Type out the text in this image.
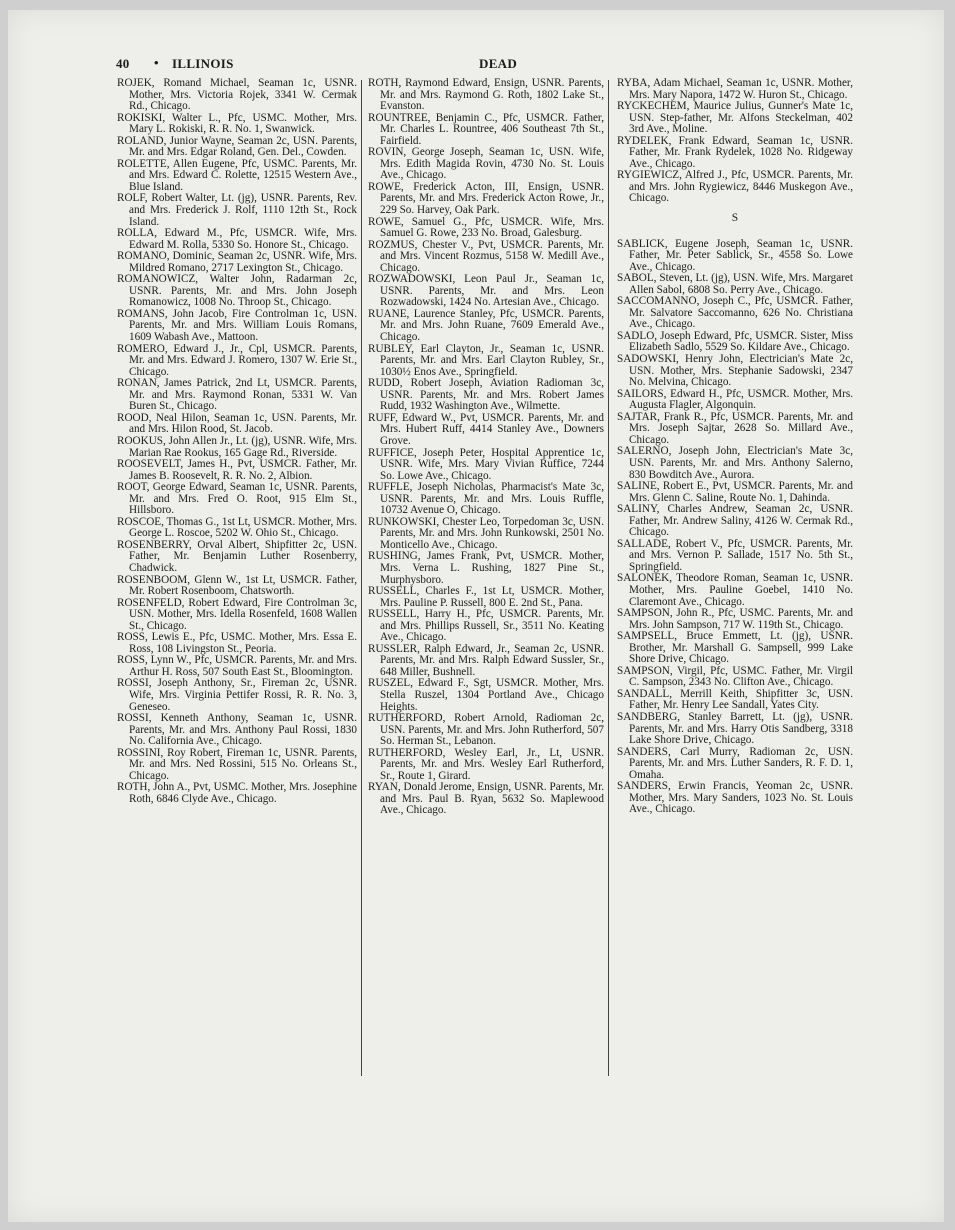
40 • ILLINOIS	DEAD

ROJEK, Romand Michael, Seaman 1c, USNR. Mother, Mrs. Victoria Rojek, 3341 W. Cermak Rd., Chicago.

ROKISKI, Walter L., Pfc, USMC. Mother, Mrs. Mary L. Rokiski, R. R. No. 1, Swanwick.

ROLAND, Junior Wayne, Seaman 2c, USN. Parents, Mr. and Mrs. Edgar Roland, Gen. Del., Cowden.

ROLETTE, Allen Eugene, Pfc, USMC. Parents, Mr. and Mrs. Edward C. Rolette, 12515 Western Ave., Blue Island.

ROLF, Robert Walter, Lt. (jg), USNR. Parents, Rev. and Mrs. Frederick J. Rolf, 1110 12th St., Rock Island.

ROLLA, Edward M., Pfc, USMCR. Wife, Mrs. Edward M. Rolla, 5330 So. Honore St., Chicago.

ROMANO, Dominic, Seaman 2c, USNR. Wife, Mrs. Mildred Romano, 2717 Lexington St., Chicago.

ROMANOWICZ, Walter John, Radarman 2c, USNR. Parents, Mr. and Mrs. John Joseph Romanowicz, 1008 No. Throop St., Chicago.

ROMANS, John Jacob, Fire Controlman 1c, USN. Parents, Mr. and Mrs. William Louis Romans, 1609 Wabash Ave., Mattoon.

ROMERO, Edward J., Jr., Cpl, USMCR. Parents, Mr. and Mrs. Edward J. Romero, 1307 W. Erie St., Chicago.

RONAN, James Patrick, 2nd Lt, USMCR. Parents, Mr. and Mrs. Raymond Ronan, 5331 W. Van Buren St., Chicago.

ROOD, Neal Hilon, Seaman 1c, USN. Parents, Mr. and Mrs. Hilon Rood, St. Jacob.

ROOKUS, John Allen Jr., Lt. (jg), USNR. Wife, Mrs. Marian Rae Rookus, 165 Gage Rd., Riverside.

ROOSEVELT, James H., Pvt, USMCR. Father, Mr. James B. Roosevelt, R. R. No. 2, Albion.

ROOT, George Edward, Seaman 1c, USNR. Parents, Mr. and Mrs. Fred O. Root, 915 Elm St., Hillsboro.

ROSCOE, Thomas G., 1st Lt, USMCR. Mother, Mrs. George L. Roscoe, 5202 W. Ohio St., Chicago.

ROSENBERRY, Orval Albert, Shipfitter 2c, USN. Father, Mr. Benjamin Luther Rosenberry, Chadwick.

ROSENBOOM, Glenn W., 1st Lt, USMCR. Father, Mr. Robert Rosenboom, Chatsworth.

ROSENFELD, Robert Edward, Fire Controlman 3c, USN. Mother, Mrs. Idella Rosenfeld, 1608 Wallen St., Chicago.

ROSS, Lewis E., Pfc, USMC. Mother, Mrs. Essa E. Ross, 108 Livingston St., Peoria.

ROSS, Lynn W., Pfc, USMCR. Parents, Mr. and Mrs. Arthur H. Ross, 507 South East St., Bloomington.

ROSSI, Joseph Anthony, Sr., Fireman 2c, USNR. Wife, Mrs. Virginia Pettifer Rossi, R. R. No. 3, Geneseo.

ROSSI, Kenneth Anthony, Seaman 1c, USNR. Parents, Mr. and Mrs. Anthony Paul Rossi, 1830 No. California Ave., Chicago.

ROSSINI, Roy Robert, Fireman 1c, USNR. Parents, Mr. and Mrs. Ned Rossini, 515 No. Orleans St., Chicago.

ROTH, John A., Pvt, USMC. Mother, Mrs. Josephine Roth, 6846 Clyde Ave., Chicago.

ROTH, Raymond Edward, Ensign, USNR. Parents, Mr. and Mrs. Raymond G. Roth, 1802 Lake St., Evanston.

ROUNTREE, Benjamin C., Pfc, USMCR. Father, Mr. Charles L. Rountree, 406 Southeast 7th St., Fairfield.

ROVIN, George Joseph, Seaman 1c, USN. Wife, Mrs. Edith Magida Rovin, 4730 No. St. Louis Ave., Chicago.

ROWE, Frederick Acton, III, Ensign, USNR. Parents, Mr. and Mrs. Frederick Acton Rowe, Jr., 229 So. Harvey, Oak Park.

ROWE, Samuel G., Pfc, USMCR. Wife, Mrs. Samuel G. Rowe, 233 No. Broad, Galesburg.

ROZMUS, Chester V., Pvt, USMCR. Parents, Mr. and Mrs. Vincent Rozmus, 5158 W. Medill Ave., Chicago.

ROZWADOWSKI, Leon Paul Jr., Seaman 1c, USNR. Parents, Mr. and Mrs. Leon Rozwadowski, 1424 No. Artesian Ave., Chicago.

RUANE, Laurence Stanley, Pfc, USMCR. Parents, Mr. and Mrs. John Ruane, 7609 Emerald Ave., Chicago.

RUBLEY, Earl Clayton, Jr., Seaman 1c, USNR. Parents, Mr. and Mrs. Earl Clayton Rubley, Sr., 1030½ Enos Ave., Springfield.

RUDD, Robert Joseph, Aviation Radioman 3c, USNR. Parents, Mr. and Mrs. Robert James Rudd, 1932 Washington Ave., Wilmette.

RUFF, Edward W., Pvt, USMCR. Parents, Mr. and Mrs. Hubert Ruff, 4414 Stanley Ave., Downers Grove.

RUFFICE, Joseph Peter, Hospital Apprentice 1c, USNR. Wife, Mrs. Mary Vivian Ruffice, 7244 So. Lowe Ave., Chicago.

RUFFLE, Joseph Nicholas, Pharmacist's Mate 3c, USNR. Parents, Mr. and Mrs. Louis Ruffle, 10732 Avenue O, Chicago.

RUNKOWSKI, Chester Leo, Torpedoman 3c, USN. Parents, Mr. and Mrs. John Runkowski, 2501 No. Monticello Ave., Chicago.

RUSHING, James Frank, Pvt, USMCR. Mother, Mrs. Verna L. Rushing, 1827 Pine St., Murphysboro.

RUSSELL, Charles F., 1st Lt, USMCR. Mother, Mrs. Pauline P. Russell, 800 E. 2nd St., Pana.

RUSSELL, Harry H., Pfc, USMCR. Parents, Mr. and Mrs. Phillips Russell, Sr., 3511 No. Keating Ave., Chicago.

RUSSLER, Ralph Edward, Jr., Seaman 2c, USNR. Parents, Mr. and Mrs. Ralph Edward Sussler, Sr., 648 Miller, Bushnell.

RUSZEL, Edward F., Sgt, USMCR. Mother, Mrs. Stella Ruszel, 1304 Portland Ave., Chicago Heights.

RUTHERFORD, Robert Arnold, Radioman 2c, USN. Parents, Mr. and Mrs. John Rutherford, 507 So. Herman St., Lebanon.

RUTHERFORD, Wesley Earl, Jr., Lt, USNR. Parents, Mr. and Mrs. Wesley Earl Rutherford, Sr., Route 1, Girard.

RYAN, Donald Jerome, Ensign, USNR. Parents, Mr. and Mrs. Paul B. Ryan, 5632 So. Maplewood Ave., Chicago.

RYBA, Adam Michael, Seaman 1c, USNR. Mother, Mrs. Mary Napora, 1472 W. Huron St., Chicago.

RYCKECHEM, Maurice Julius, Gunner's Mate 1c, USN. Step-father, Mr. Alfons Steckelman, 402 3rd Ave., Moline.

RYDELEK, Frank Edward, Seaman 1c, USNR. Father, Mr. Frank Rydelek, 1028 No. Ridgeway Ave., Chicago.

RYGIEWICZ, Alfred J., Pfc, USMCR. Parents, Mr. and Mrs. John Rygiewicz, 8446 Muskegon Ave., Chicago.

S

SABLICK, Eugene Joseph, Seaman 1c, USNR. Father, Mr. Peter Sablick, Sr., 4558 So. Lowe Ave., Chicago.

SABOL, Steven, Lt. (jg), USN. Wife, Mrs. Margaret Allen Sabol, 6808 So. Perry Ave., Chicago.

SACCOMANNO, Joseph C., Pfc, USMCR. Father, Mr. Salvatore Saccomanno, 626 No. Christiana Ave., Chicago.

SADLO, Joseph Edward, Pfc, USMCR. Sister, Miss Elizabeth Sadlo, 5529 So. Kildare Ave., Chicago.

SADOWSKI, Henry John, Electrician's Mate 2c, USN. Mother, Mrs. Stephanie Sadowski, 2347 No. Melvina, Chicago.

SAILORS, Edward H., Pfc, USMCR. Mother, Mrs. Augusta Flagler, Algonquin.

SAJTAR, Frank R., Pfc, USMCR. Parents, Mr. and Mrs. Joseph Sajtar, 2628 So. Millard Ave., Chicago.

SALERNO, Joseph John, Electrician's Mate 3c, USN. Parents, Mr. and Mrs. Anthony Salerno, 830 Bowditch Ave., Aurora.

SALINE, Robert E., Pvt, USMCR. Parents, Mr. and Mrs. Glenn C. Saline, Route No. 1, Dahinda.

SALINY, Charles Andrew, Seaman 2c, USNR. Father, Mr. Andrew Saliny, 4126 W. Cermak Rd., Chicago.

SALLADE, Robert V., Pfc, USMCR. Parents, Mr. and Mrs. Vernon P. Sallade, 1517 No. 5th St., Springfield.

SALONEK, Theodore Roman, Seaman 1c, USNR. Mother, Mrs. Pauline Goebel, 1410 No. Claremont Ave., Chicago.

SAMPSON, John R., Pfc, USMC. Parents, Mr. and Mrs. John Sampson, 717 W. 119th St., Chicago.

SAMPSELL, Bruce Emmett, Lt. (jg), USNR. Brother, Mr. Marshall G. Sampsell, 999 Lake Shore Drive, Chicago.

SAMPSON, Virgil, Pfc, USMC. Father, Mr. Virgil C. Sampson, 2343 No. Clifton Ave., Chicago.

SANDALL, Merrill Keith, Shipfitter 3c, USN. Father, Mr. Henry Lee Sandall, Yates City.

SANDBERG, Stanley Barrett, Lt. (jg), USNR. Parents, Mr. and Mrs. Harry Otis Sandberg, 3318 Lake Shore Drive, Chicago.

SANDERS, Carl Murry, Radioman 2c, USN. Parents, Mr. and Mrs. Luther Sanders, R. F. D. 1, Omaha.

SANDERS, Erwin Francis, Yeoman 2c, USNR. Mother, Mrs. Mary Sanders, 1023 No. St. Louis Ave., Chicago.
